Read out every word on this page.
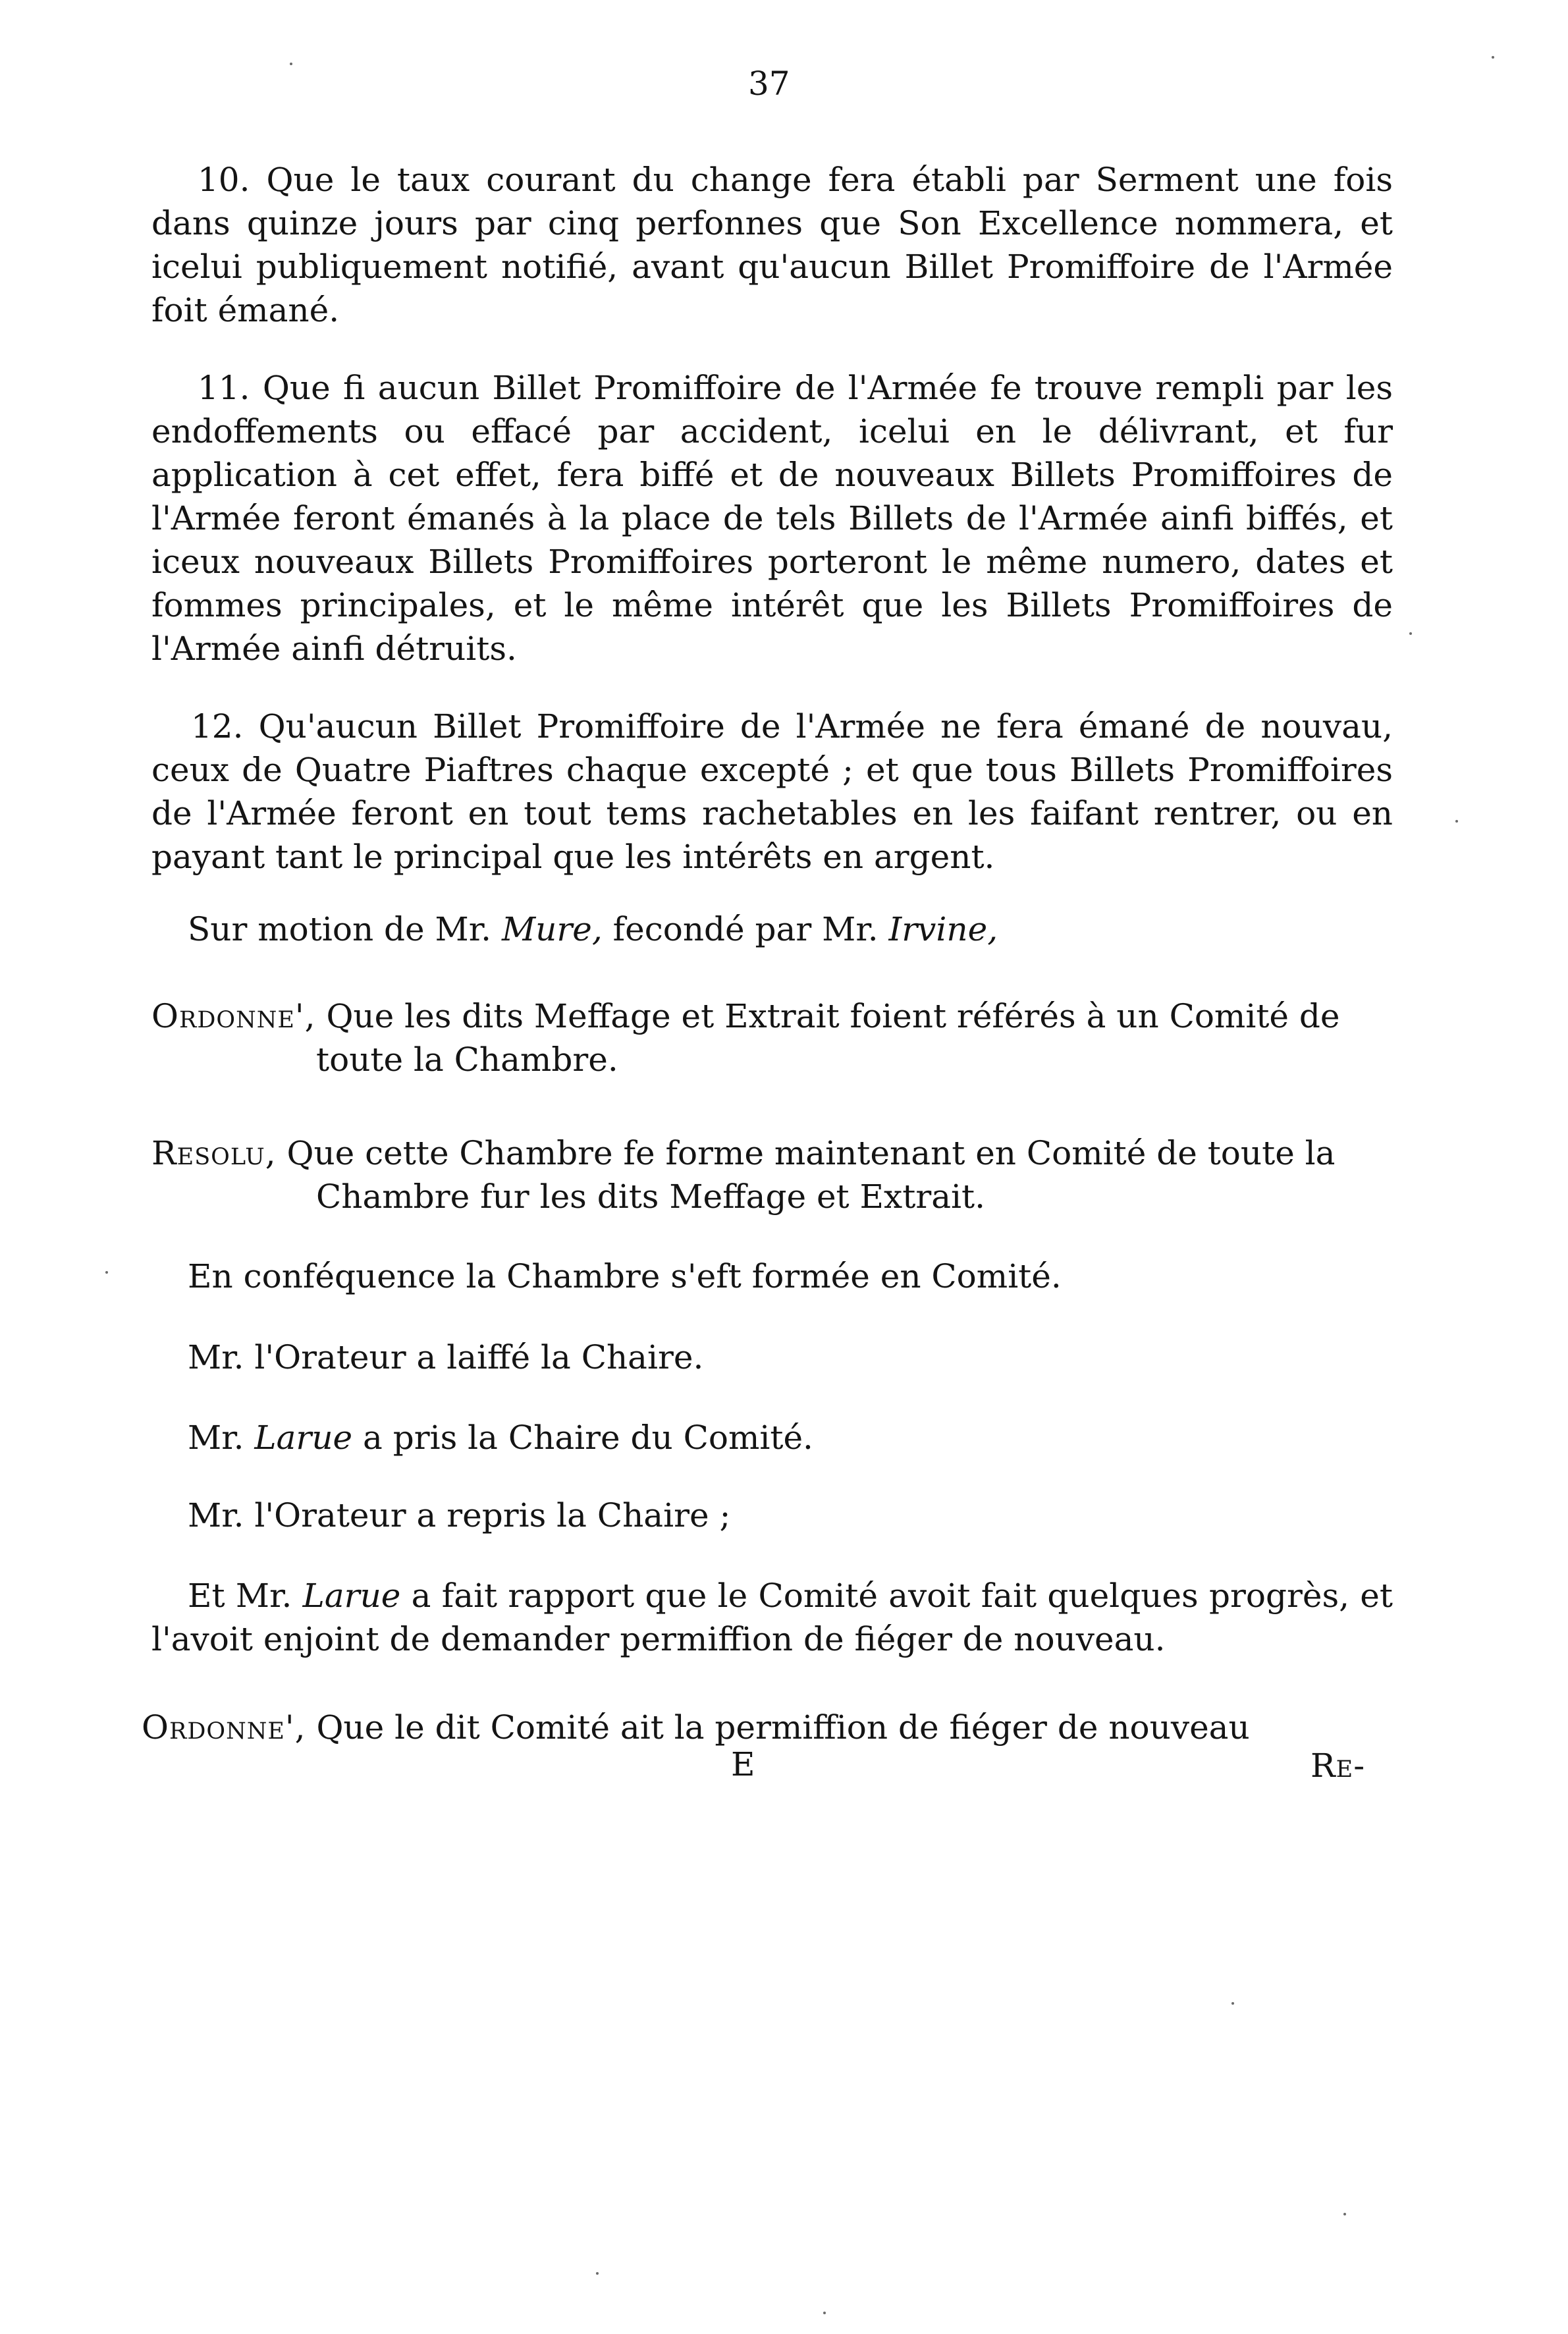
37

10. Que le taux courant du change fera établi par Serment une fois dans quinze jours par cinq perfonnes que Son Excellence nommera, et icelui publiquement notifié, avant qu'aucun Billet Promiffoire de l'Armée foit émané.

11. Que fi aucun Billet Promiffoire de l'Armée fe trouve rempli par les endoffements ou effacé par accident, icelui en le délivrant, et fur application à cet effet, fera biffé et de nouveaux Billets Promiffoires de l'Armée feront émanés à la place de tels Billets de l'Armée ainfi biffés, et iceux nouveaux Billets Promiffoires porteront le même numero, dates et fommes principales, et le même intérêt que les Billets Promiffoires de l'Armée ainfi détruits.

12. Qu'aucun Billet Promiffoire de l'Armée ne fera émané de nouvau, ceux de Quatre Piaftres chaque excepté ; et que tous Billets Promiffoires de l'Armée feront en tout tems rachetables en les faifant rentrer, ou en payant tant le principal que les intérêts en argent.

Sur motion de Mr. Mure, fecondé par Mr. Irvine,

Ordonne', Que les dits Meffage et Extrait foient référés à un Comité de toute la Chambre.

Resolu, Que cette Chambre fe forme maintenant en Comité de toute la Chambre fur les dits Meffage et Extrait.

En conféquence la Chambre s'eft formée en Comité.

Mr. l'Orateur a laiffé la Chaire.

Mr. Larue a pris la Chaire du Comité.

Mr. l'Orateur a repris la Chaire ;

Et Mr. Larue a fait rapport que le Comité avoit fait quelques progrès, et l'avoit enjoint de demander permiffion de fiéger de nouveau.

Ordonne', Que le dit Comité ait la permiffion de fiéger de nouveau

E	Re-
